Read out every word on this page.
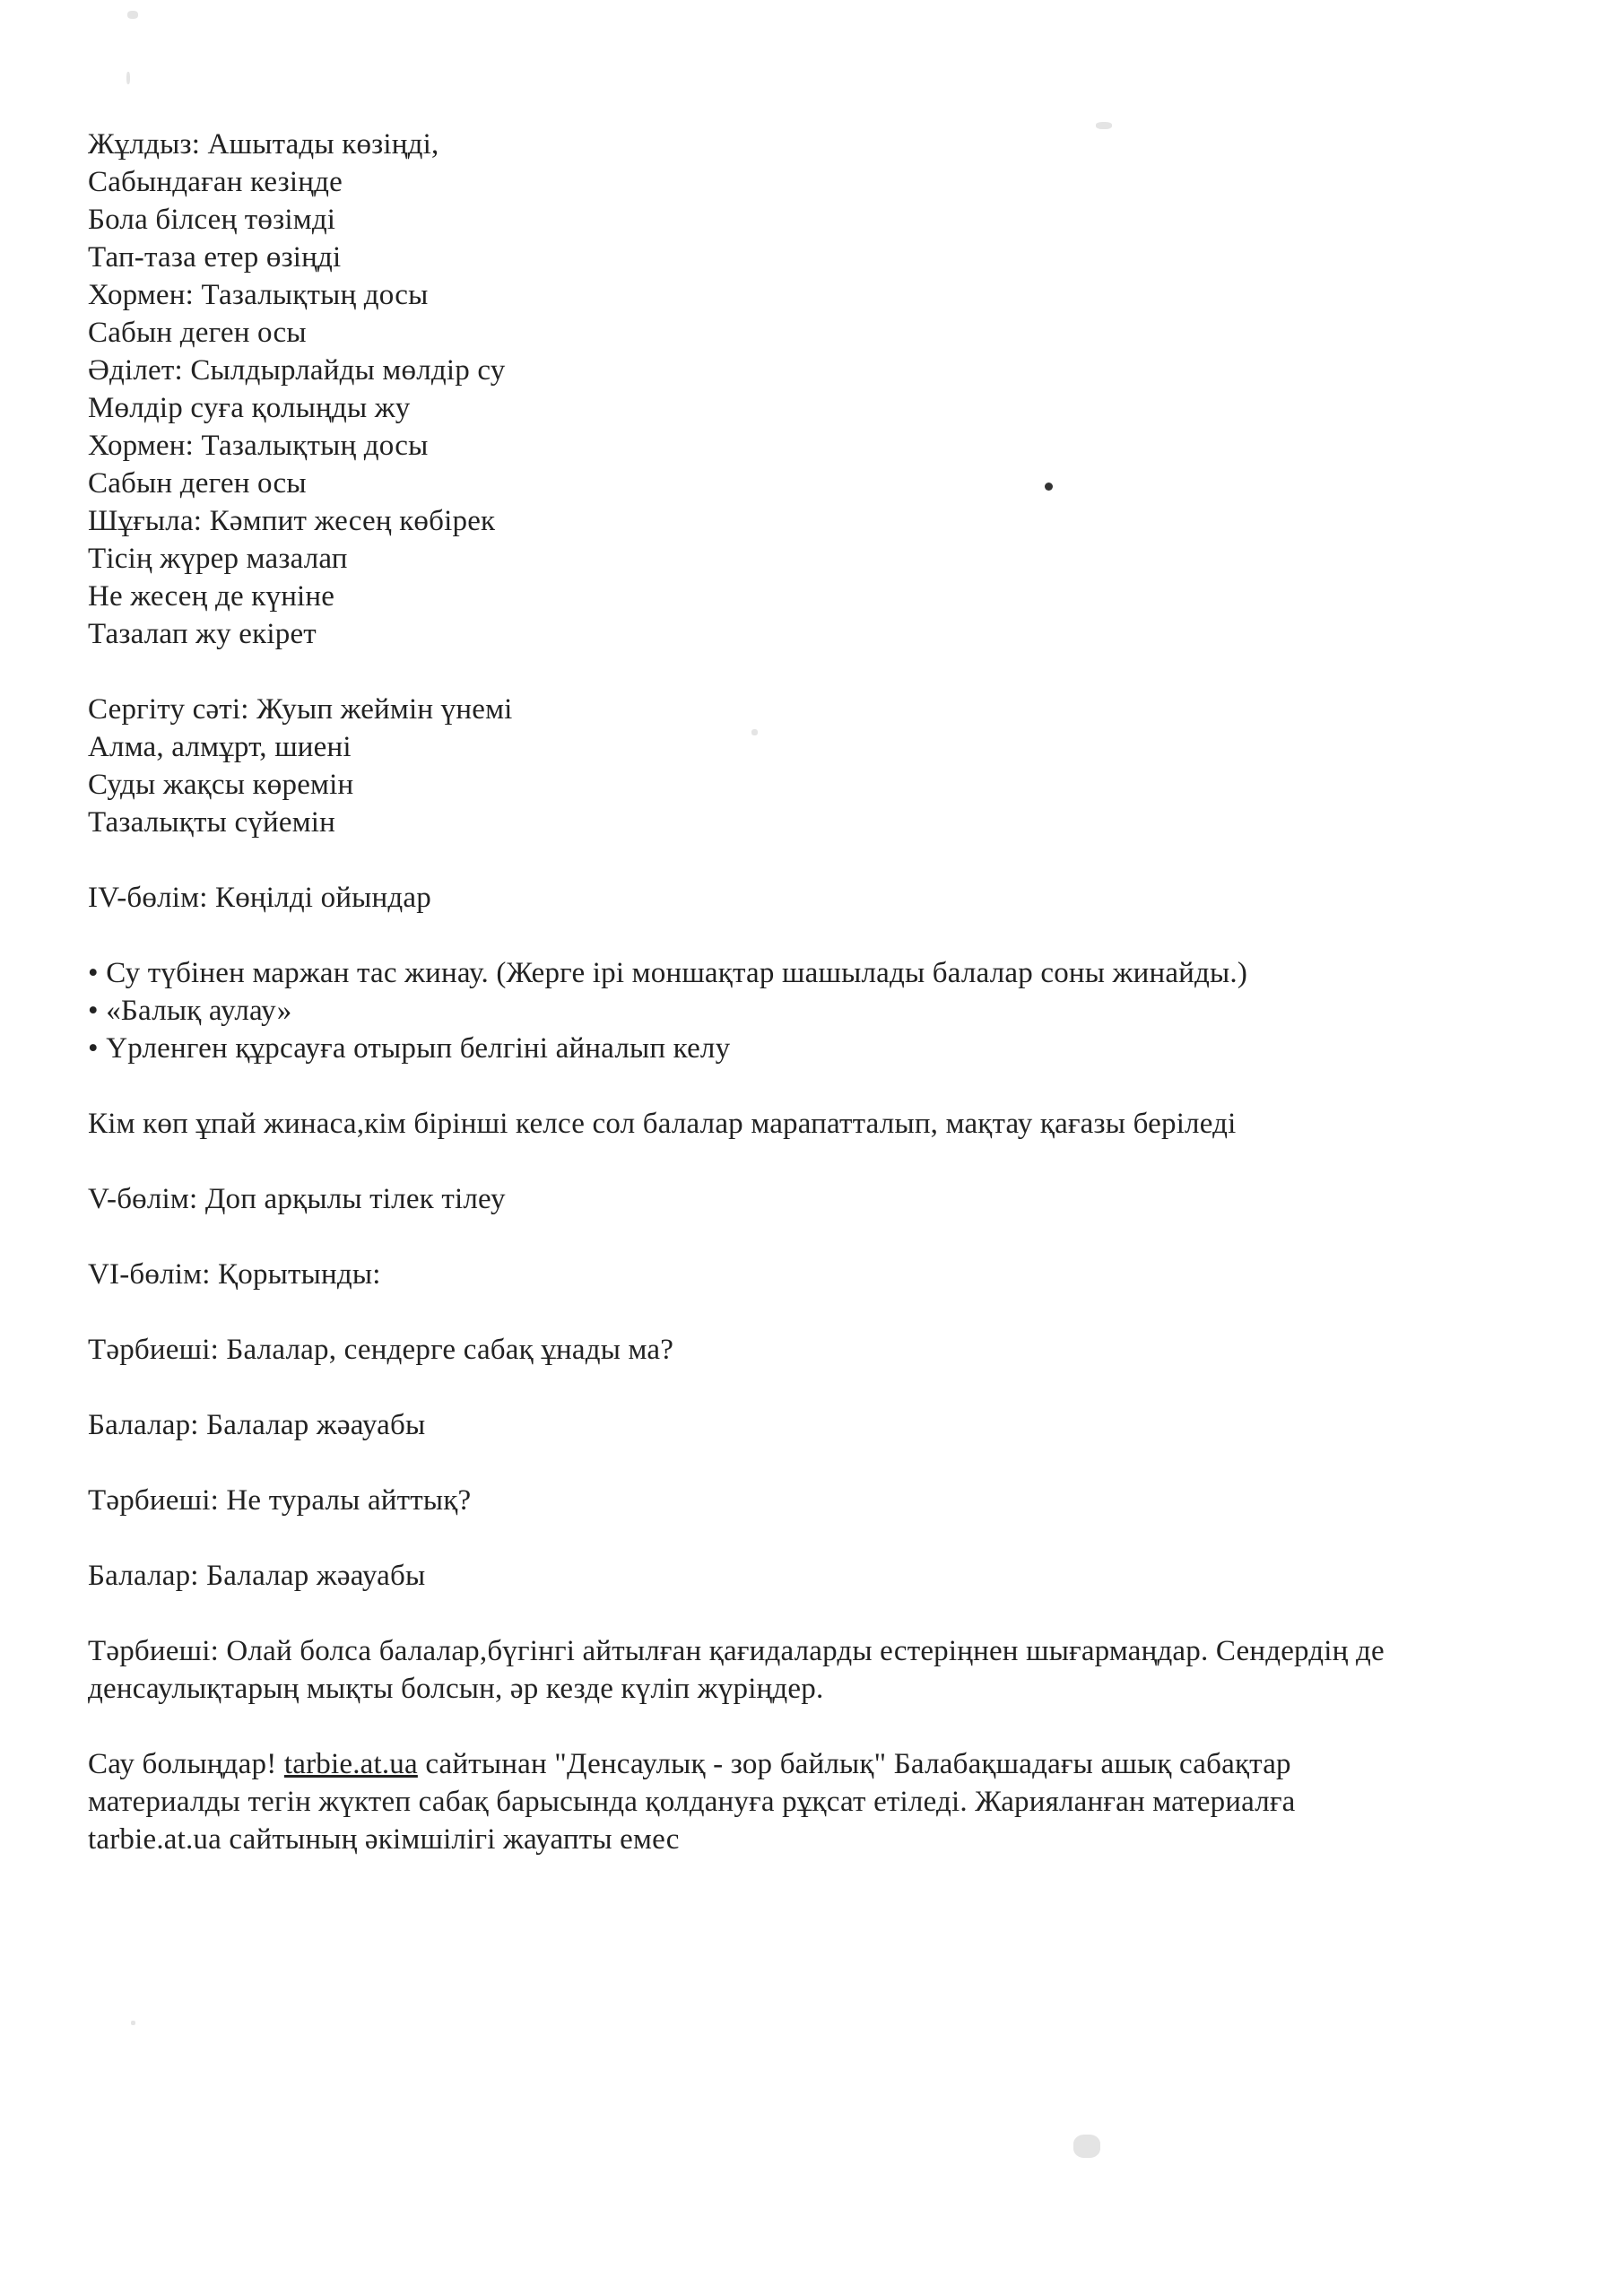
Жұлдыз: Ашытады көзіңді,
Сабындаған кезіңде
Бола білсең төзімді
Тап-таза етер өзіңді
Хормен: Тазалықтың досы
Сабын деген осы
Әділет: Сылдырлайды мөлдір су
Мөлдір суға қолыңды жу
Хормен: Тазалықтың досы
Сабын деген осы
Шұғыла: Кәмпит жесең көбірек
Тісің жүрер мазалап
Не жесең де күніне
Тазалап жу екірет
Сергіту сәті: Жуып жеймін үнемі
Алма, алмұрт, шиені
Суды жақсы көремін
Тазалықты сүйемін
IV-бөлім: Көңілді ойындар
• Су түбінен маржан тас жинау. (Жерге ірі моншақтар шашылады балалар соны жинайды.)
• «Балық аулау»
• Үрленген құрсауға отырып белгіні айналып келу
Кім көп ұпай жинаса,кім бірінші келсе сол балалар марапатталып, мақтау қағазы беріледі
V-бөлім: Доп арқылы тілек тілеу
VI-бөлім: Қорытынды:
Тәрбиеші: Балалар, сендерге сабақ ұнады ма?
Балалар: Балалар жәауабы
Тәрбиеші: Не туралы айттық?
Балалар: Балалар жәауабы
Тәрбиеші: Олай болса балалар,бүгінгі айтылған қағидаларды естеріңнен шығармаңдар. Сендердің де
денсаулықтарың мықты болсын, әр кезде күліп жүріңдер.
Сау болыңдар! tarbie.at.ua сайтынан "Денсаулық - зор байлық" Балабақшадағы ашық сабақтар
материалды тегін жүктеп сабақ барысында қолдануға рұқсат етіледі. Жарияланған материалға
tarbie.at.ua сайтының әкімшілігі жауапты емес
